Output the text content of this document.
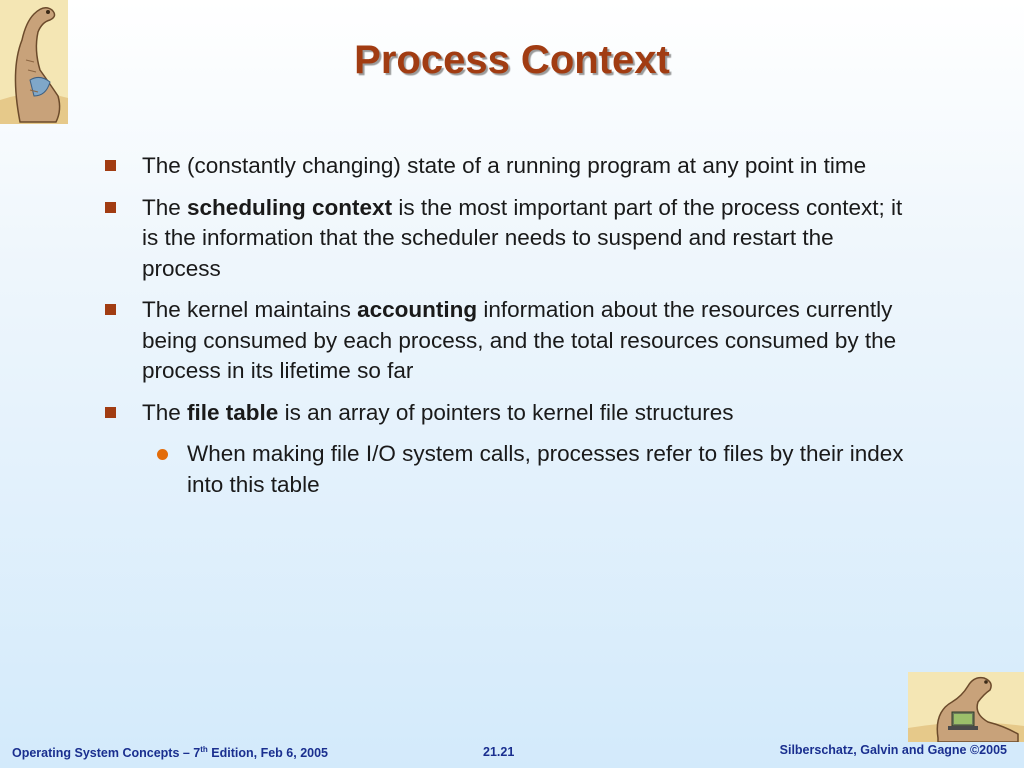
Process Context
The (constantly changing) state of a running program at any point in time
The scheduling context is the most important part of the process context; it is the information that the scheduler needs to suspend and restart the process
The kernel maintains accounting information about the resources currently being consumed by each process, and the total resources consumed by the process in its lifetime so far
The file table is an array of pointers to kernel file structures
When making file I/O system calls, processes refer to files by their index into this table

Operating System Concepts – 7th Edition, Feb 6, 2005	21.21	Silberschatz, Galvin and Gagne ©2005
